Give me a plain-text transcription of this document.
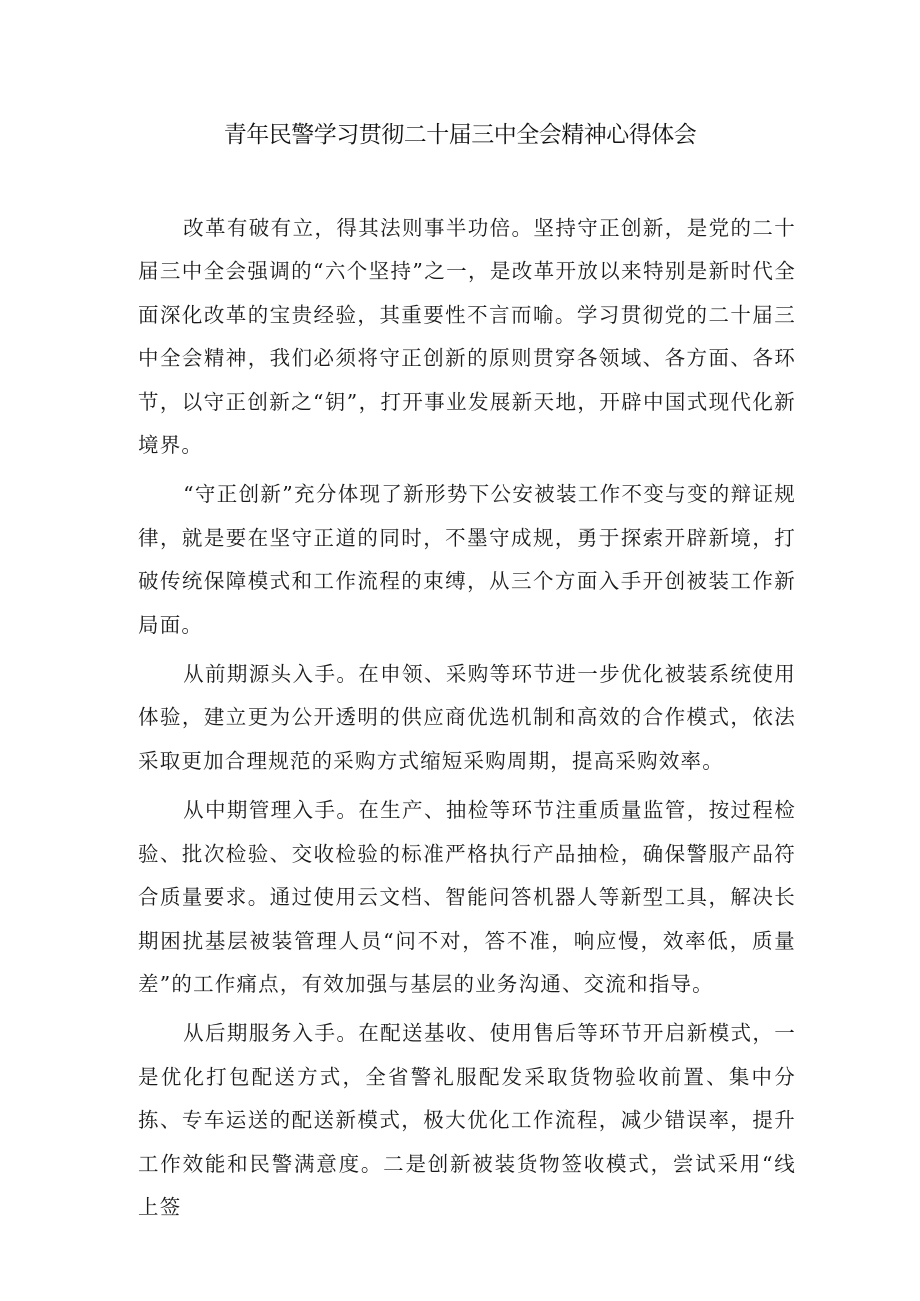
青年民警学习贯彻二十届三中全会精神心得体会

改革有破有立，得其法则事半功倍。坚持守正创新，是党的二十届三中全会强调的“六个坚持”之一，是改革开放以来特别是新时代全面深化改革的宝贵经验，其重要性不言而喻。学习贯彻党的二十届三中全会精神，我们必须将守正创新的原则贯穿各领域、各方面、各环节，以守正创新之“钥”，打开事业发展新天地，开辟中国式现代化新境界。

“守正创新”充分体现了新形势下公安被装工作不变与变的辩证规律，就是要在坚守正道的同时，不墨守成规，勇于探索开辟新境，打破传统保障模式和工作流程的束缚，从三个方面入手开创被装工作新局面。

从前期源头入手。在申领、采购等环节进一步优化被装系统使用体验，建立更为公开透明的供应商优选机制和高效的合作模式，依法采取更加合理规范的采购方式缩短采购周期，提高采购效率。

从中期管理入手。在生产、抽检等环节注重质量监管，按过程检验、批次检验、交收检验的标准严格执行产品抽检，确保警服产品符合质量要求。通过使用云文档、智能问答机器人等新型工具，解决长期困扰基层被装管理人员“问不对，答不准，响应慢，效率低，质量差”的工作痛点，有效加强与基层的业务沟通、交流和指导。

从后期服务入手。在配送基收、使用售后等环节开启新模式，一是优化打包配送方式，全省警礼服配发采取货物验收前置、集中分拣、专车运送的配送新模式，极大优化工作流程，减少错误率，提升工作效能和民警满意度。二是创新被装货物签收模式，尝试采用“线上签
